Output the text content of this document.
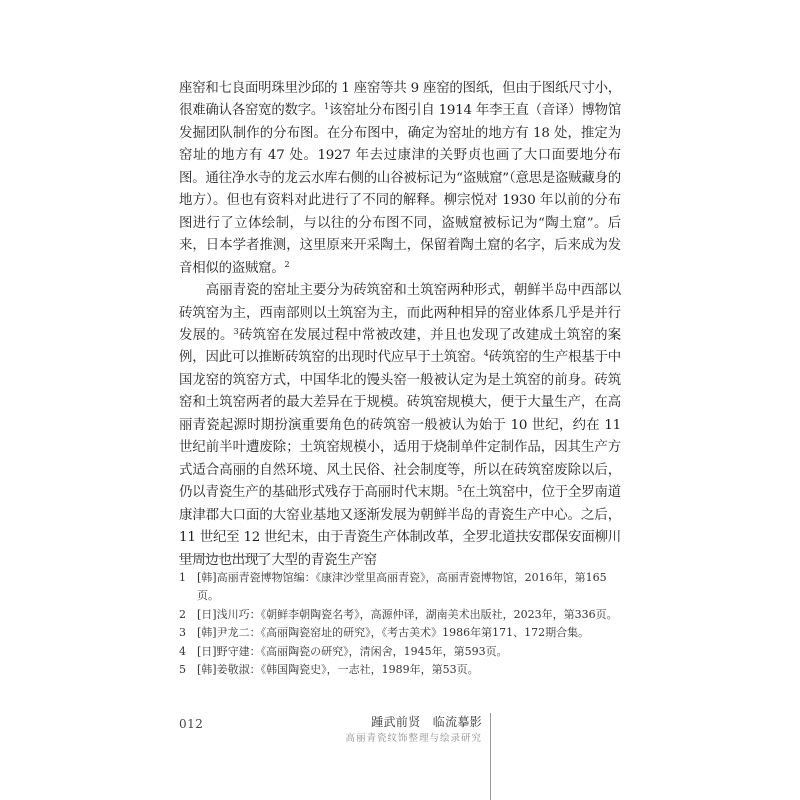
座窑和七良面明珠里沙邱的 1 座窑等共 9 座窑的图纸，但由于图纸尺寸小，很难确认各窑宽的数字。$^1$该窑址分布图引自 1914 年李王直（音译）博物馆发掘团队制作的分布图。在分布图中，确定为窑址的地方有 18 处，推定为窑址的地方有 47 处。1927 年去过康津的关野贞也画了大口面要地分布图。通往净水寺的龙云水库右侧的山谷被标记为“盗贼窟”（意思是盗贼藏身的地方）。但也有资料对此进行了不同的解释。柳宗悦对 1930 年以前的分布图进行了立体绘制，与以往的分布图不同，盗贼窟被标记为“陶土窟”。后来，日本学者推测，这里原来开采陶土，保留着陶土窟的名字，后来成为发音相似的盗贼窟。$^2$

高丽青瓷的窑址主要分为砖筑窑和土筑窑两种形式，朝鲜半岛中西部以砖筑窑为主，西南部则以土筑窑为主，而此两种相异的窑业体系几乎是并行发展的。$^3$砖筑窑在发展过程中常被改建，并且也发现了改建成土筑窑的案例，因此可以推断砖筑窑的出现时代应早于土筑窑。$^4$砖筑窑的生产根基于中国龙窑的筑窑方式，中国华北的馒头窑一般被认定为是土筑窑的前身。砖筑窑和土筑窑两者的最大差异在于规模。砖筑窑规模大，便于大量生产，在高丽青瓷起源时期扮演重要角色的砖筑窑一般被认为始于 10 世纪，约在 11 世纪前半叶遭废除；土筑窑规模小，适用于烧制单件定制作品，因其生产方式适合高丽的自然环境、风土民俗、社会制度等，所以在砖筑窑废除以后，仍以青瓷生产的基础形式残存于高丽时代末期。$^5$在土筑窑中，位于全罗南道康津郡大口面的大窑业基地又逐渐发展为朝鲜半岛的青瓷生产中心。之后，11 世纪至 12 世纪末，由于青瓷生产体制改革，全罗北道扶安郡保安面柳川里周边也出现了大型的青瓷生产窑

1 [韩]高丽青瓷博物馆编：《康津沙堂里高丽青瓷》，高丽青瓷博物馆，2016年，第165页。
2 [日]浅川巧：《朝鲜李朝陶瓷名考》，高源仲译，湖南美术出版社，2023年，第336页。
3 [韩]尹龙二：《高丽陶瓷窑址的研究》，《考古美术》1986年第171、172期合集。
4 [日]野守建：《高丽陶瓷の研究》，清闲舍，1945年，第593页。
5 [韩]姜敬淑：《韩国陶瓷史》，一志社，1989年，第53页。
012	踵武前贤　临流摹影
高丽青瓷纹饰整理与绘录研究
